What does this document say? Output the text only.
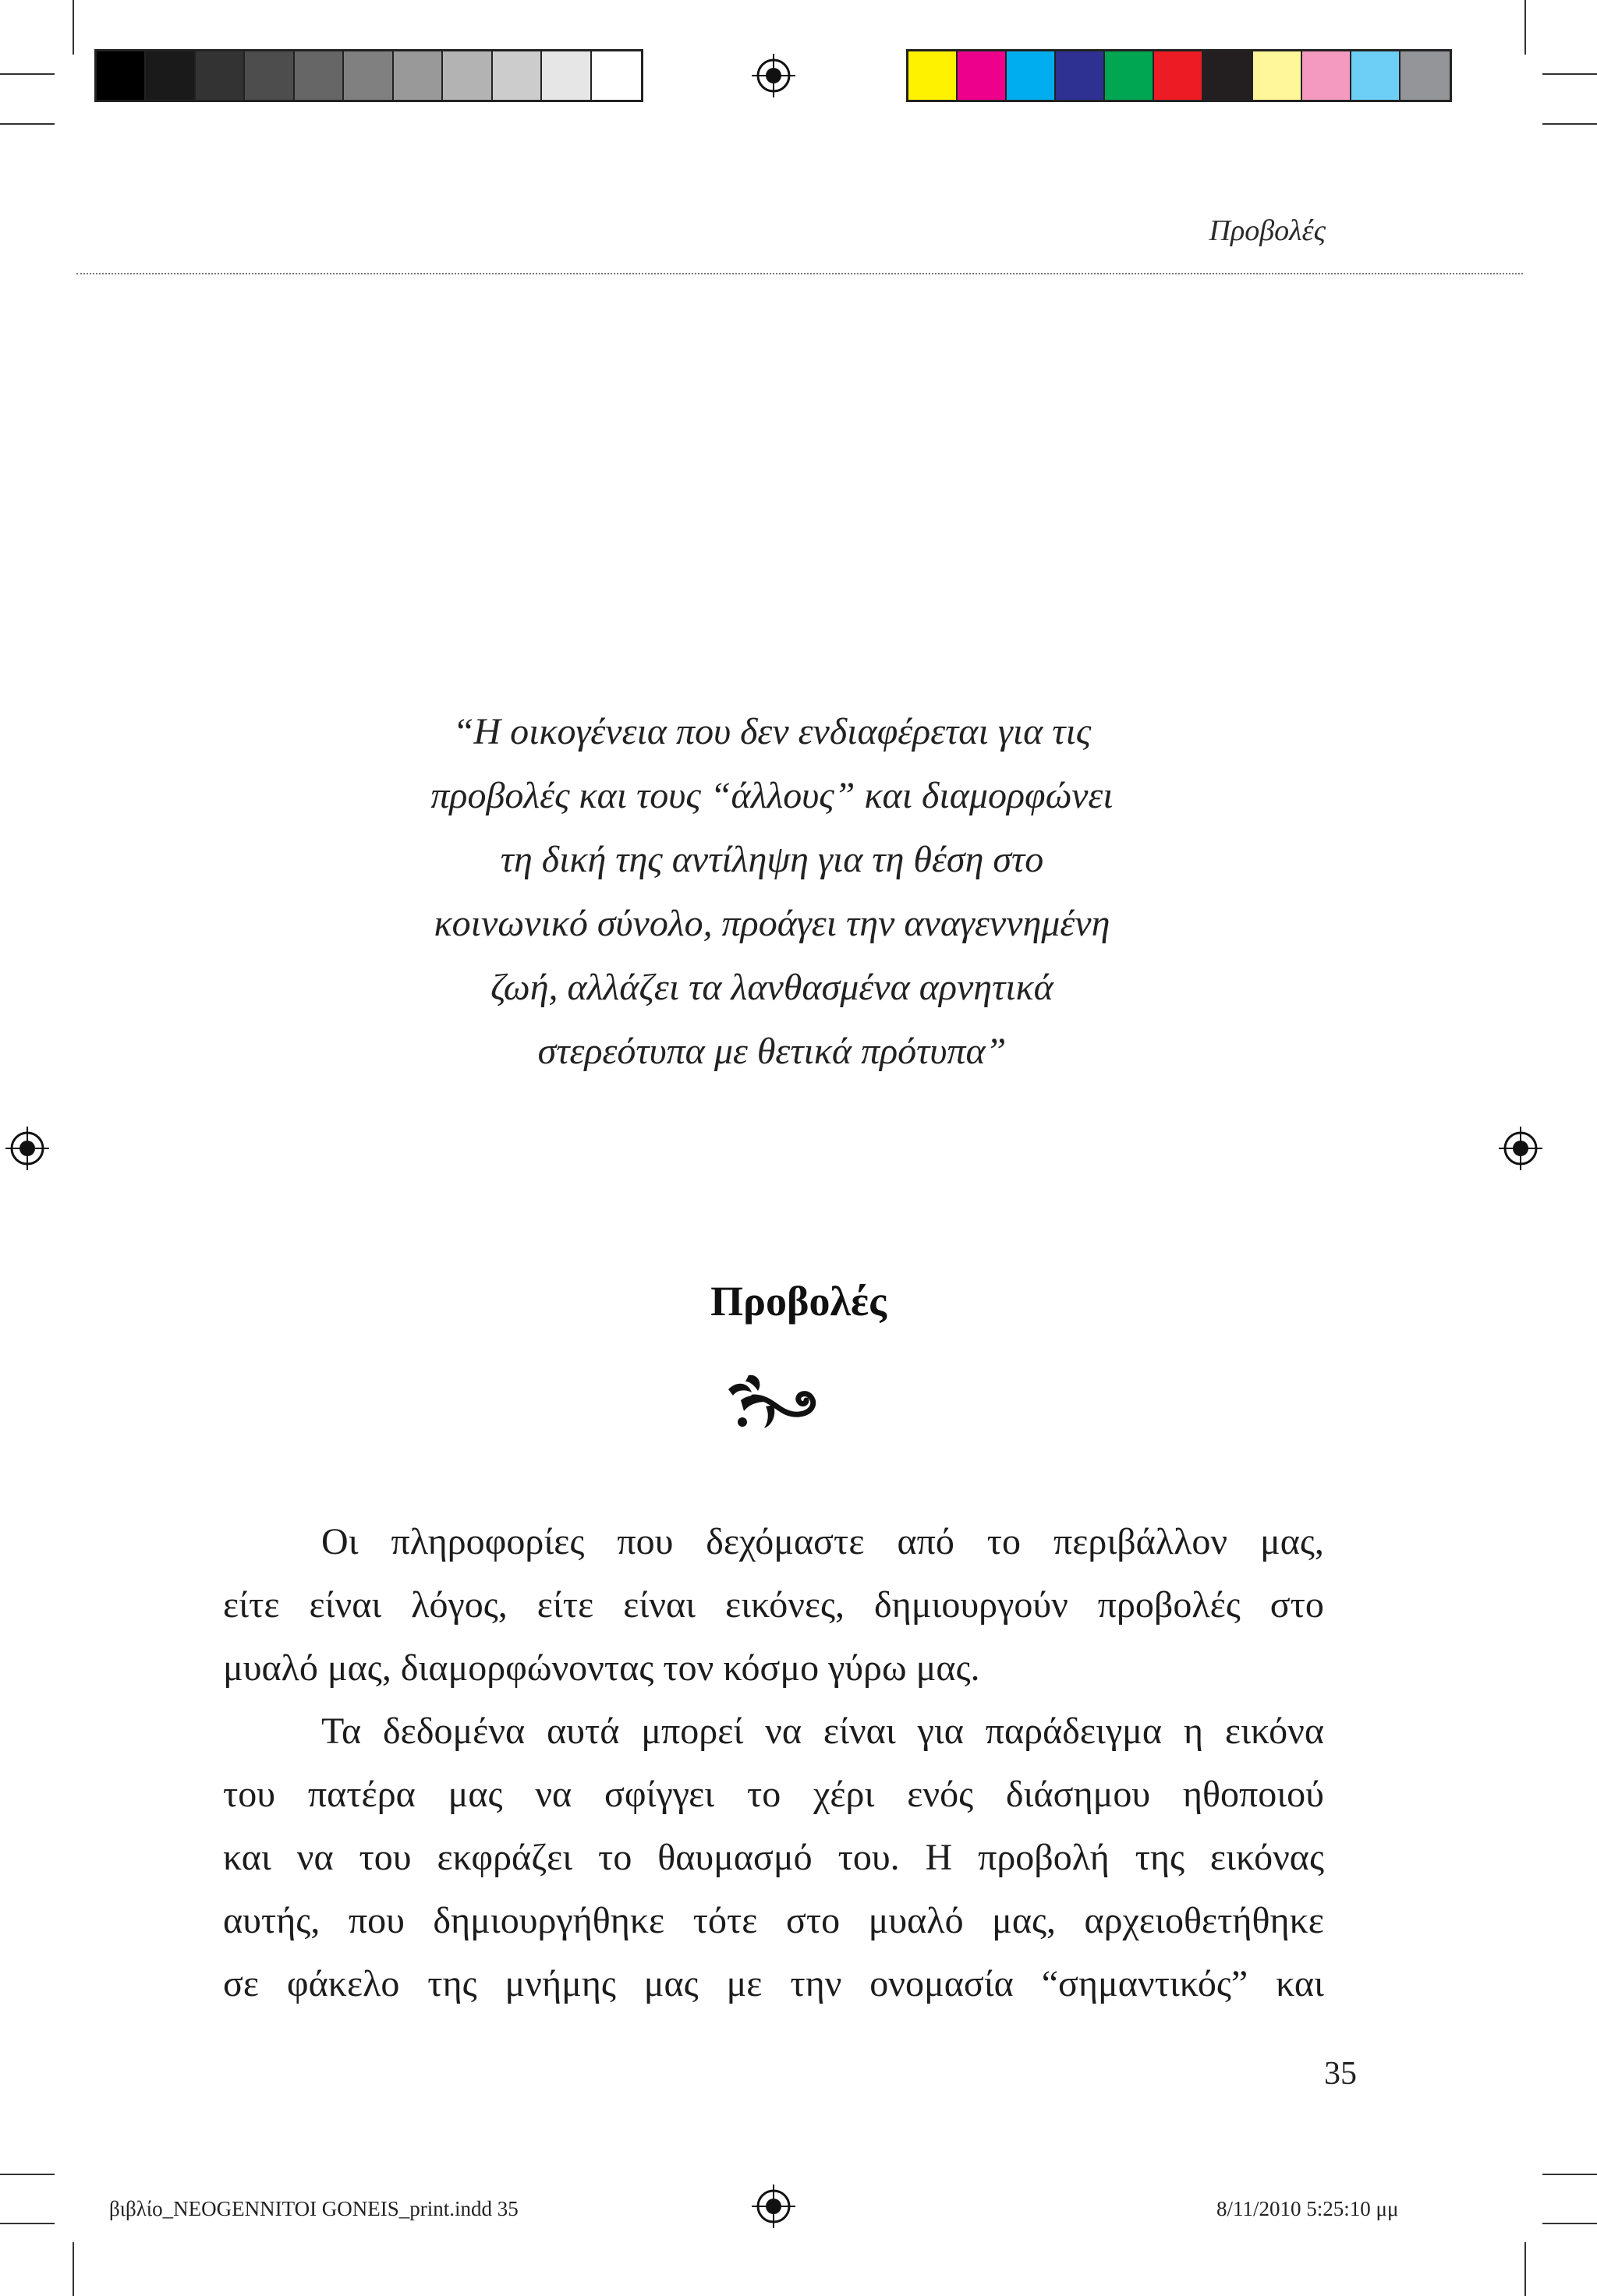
Προβολές
“Η οικογένεια που δεν ενδιαφέρεται για τις
προβολές και τους “άλλους” και διαμορφώνει
τη δική της αντίληψη για τη θέση στο
κοινωνικό σύνολο, προάγει την αναγεννημένη
ζωή, αλλάζει τα λανθασμένα αρνητικά
στερεότυπα με θετικά πρότυπα”
Προβολές
Οι πληροφορίες που δεχόμαστε από το περιβάλλον μας,
είτε είναι λόγος, είτε είναι εικόνες, δημιουργούν προβολές στο
μυαλό μας, διαμορφώνοντας τον κόσμο γύρω μας.
Τα δεδομένα αυτά μπορεί να είναι για παράδειγμα η εικόνα
του πατέρα μας να σφίγγει το χέρι ενός διάσημου ηθοποιού
και να του εκφράζει το θαυμασμό του. Η προβολή της εικόνας
αυτής, που δημιουργήθηκε τότε στο μυαλό μας, αρχειοθετήθηκε
σε φάκελο της μνήμης μας με την ονομασία “σημαντικός” και
35
βιβλίο_NEOGENNITOI GONEIS_print.indd 35	8/11/2010 5:25:10 μμ
